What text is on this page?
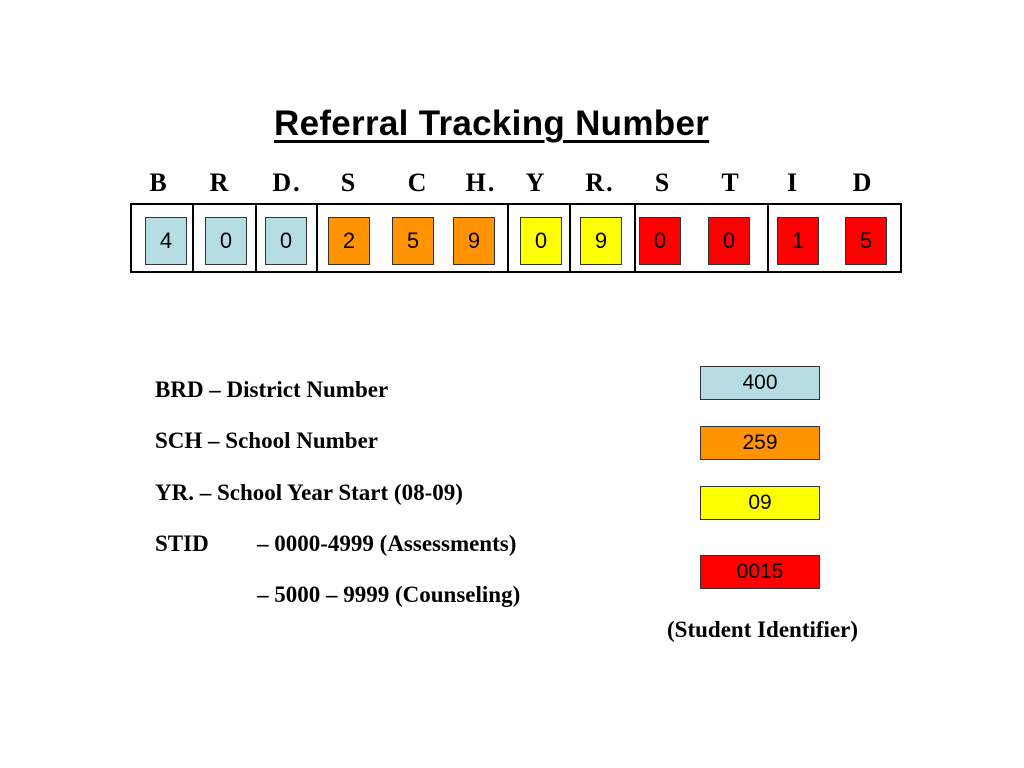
Referral Tracking Number
B R D. S C H. Y R. S T I D
4	0	0	2	5	9	0	9	0	0	1	5
BRD – District Number
SCH – School Number
YR. – School Year Start (08-09)
STID – 0000-4999 (Assessments)
– 5000 – 9999 (Counseling)
400
259
09
0015
(Student Identifier)
